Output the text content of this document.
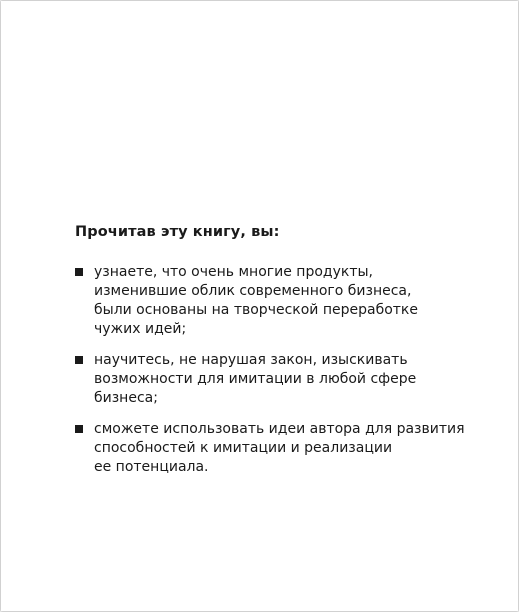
Прочитав эту книгу, вы:
узнаете, что очень многие продукты,
изменившие облик современного бизнеса,
были основаны на творческой переработке
чужих идей;
научитесь, не нарушая закон, изыскивать
возможности для имитации в любой сфере
бизнеса;
сможете использовать идеи автора для развития
способностей к имитации и реализации
ее потенциала.
